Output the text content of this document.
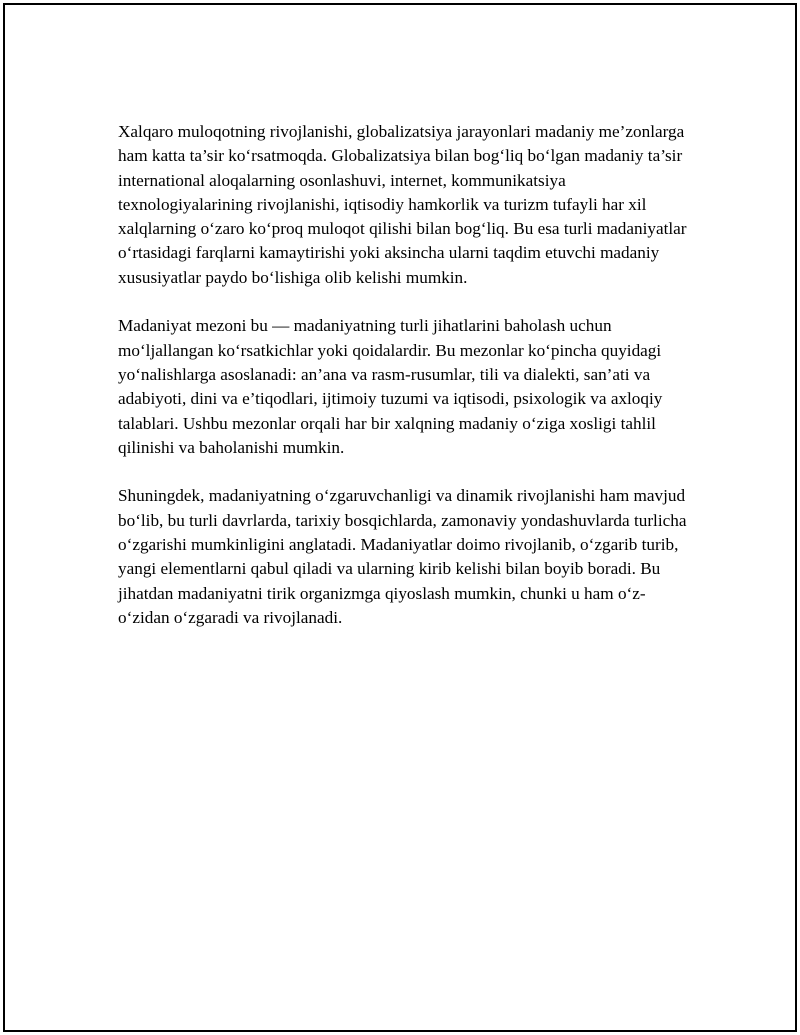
Xalqaro muloqotning rivojlanishi, globalizatsiya jarayonlari madaniy me’zonlarga ham katta ta’sir koʻrsatmoqda. Globalizatsiya bilan bogʻliq boʻlgan madaniy ta’sir international aloqalarning osonlashuvi, internet, kommunikatsiya texnologiyalarining rivojlanishi, iqtisodiy hamkorlik va turizm tufayli har xil xalqlarning oʻzaro koʻproq muloqot qilishi bilan bogʻliq. Bu esa turli madaniyatlar oʻrtasidagi farqlarni kamaytirishi yoki aksincha ularni taqdim etuvchi madaniy xususiyatlar paydo boʻlishiga olib kelishi mumkin.

Madaniyat mezoni bu — madaniyatning turli jihatlarini baholash uchun moʻljallangan koʻrsatkichlar yoki qoidalardir. Bu mezonlar koʻpincha quyidagi yoʻnalishlarga asoslanadi: an’ana va rasm-rusumlar, tili va dialekti, san’ati va adabiyoti, dini va e’tiqodlari, ijtimoiy tuzumi va iqtisodi, psixologik va axloqiy talablari. Ushbu mezonlar orqali har bir xalqning madaniy oʻziga xosligi tahlil qilinishi va baholanishi mumkin.

Shuningdek, madaniyatning oʻzgaruvchanligi va dinamik rivojlanishi ham mavjud boʻlib, bu turli davrlarda, tarixiy bosqichlarda, zamonaviy yondashuvlarda turlicha oʻzgarishi mumkinligini anglatadi. Madaniyatlar doimo rivojlanib, oʻzgarib turib, yangi elementlarni qabul qiladi va ularning kirib kelishi bilan boyib boradi. Bu jihatdan madaniyatni tirik organizmga qiyoslash mumkin, chunki u ham oʻz-oʻzidan oʻzgaradi va rivojlanadi.
